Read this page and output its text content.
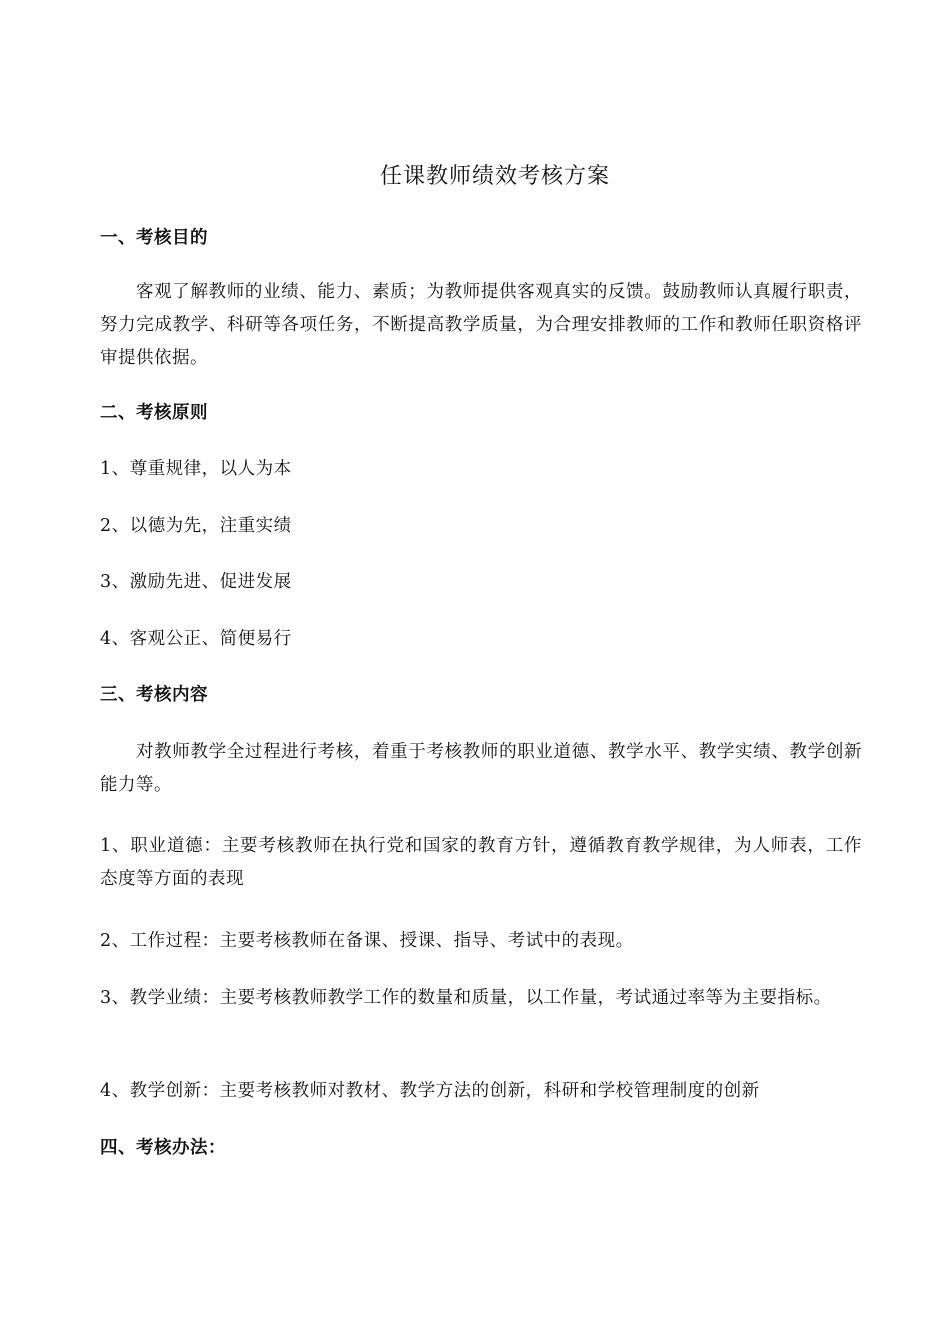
任课教师绩效考核方案
一、考核目的
客观了解教师的业绩、能力、素质；为教师提供客观真实的反馈。鼓励教师认真履行职责，努力完成教学、科研等各项任务，不断提高教学质量，为合理安排教师的工作和教师任职资格评审提供依据。
二、考核原则
1、尊重规律，以人为本
2、以德为先，注重实绩
3、激励先进、促进发展
4、客观公正、简便易行
三、考核内容
对教师教学全过程进行考核，着重于考核教师的职业道德、教学水平、教学实绩、教学创新能力等。
1、职业道德：主要考核教师在执行党和国家的教育方针，遵循教育教学规律，为人师表，工作态度等方面的表现
2、工作过程：主要考核教师在备课、授课、指导、考试中的表现。
3、教学业绩：主要考核教师教学工作的数量和质量，以工作量，考试通过率等为主要指标。
4、教学创新：主要考核教师对教材、教学方法的创新，科研和学校管理制度的创新
四、考核办法：
